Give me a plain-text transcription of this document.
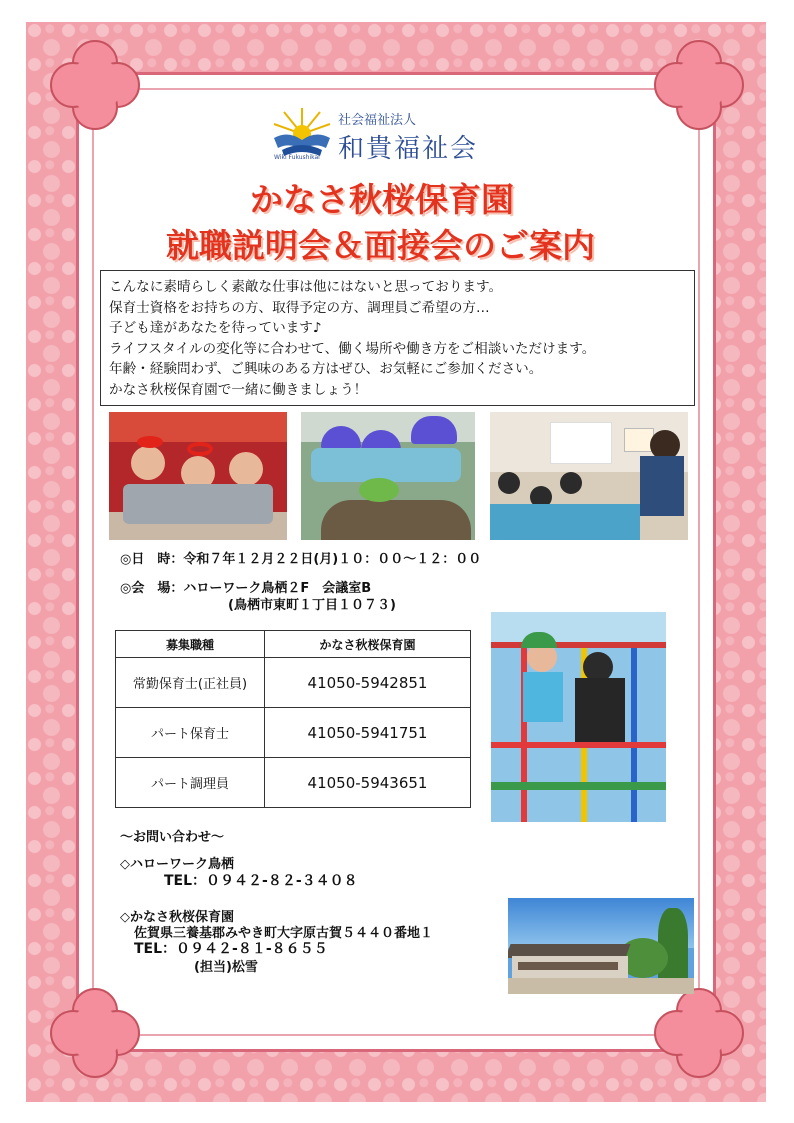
Wiki Fukushikai
社会福祉法人
和貴福祉会
かなさ秋桜保育園
就職説明会＆面接会のご案内
こんなに素晴らしく素敵な仕事は他にはないと思っております。
保育士資格をお持ちの方、取得予定の方、調理員ご希望の方…
子ども達があなたを待っています♪
ライフスタイルの変化等に合わせて、働く場所や働き方をご相談いただけます。
年齢・経験問わず、ご興味のある方はぜひ、お気軽にご参加ください。
かなさ秋桜保育園で一緒に働きましょう！
◎日　時：令和７年１２月２２日(月)１０：００～１２：００
◎会　場：ハローワーク鳥栖２F　会議室B
(鳥栖市東町１丁目１０７３)
募集職種	かなさ秋桜保育園
常勤保育士(正社員)	41050-5942851
パート保育士	41050-5941751
パート調理員	41050-5943651
～お問い合わせ～
◇ハローワーク鳥栖
TEL：０９４２-８２-３４０８
◇かなさ秋桜保育園
佐賀県三養基郡みやき町大字原古賀５４４０番地１
TEL：０９４２-８１-８６５５
(担当)松雪
